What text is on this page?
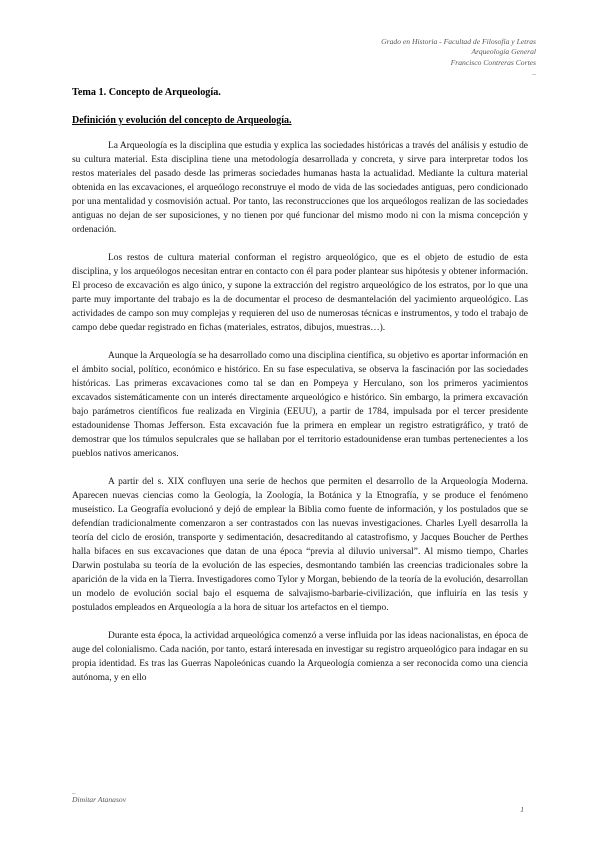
Grado en Historia - Facultad de Filosofía y Letras
Arqueología General
Francisco Contreras Cortes
_
Tema 1. Concepto de Arqueología.
Definición y evolución del concepto de Arqueología.

La Arqueología es la disciplina que estudia y explica las sociedades históricas a través del análisis y estudio de su cultura material. Esta disciplina tiene una metodología desarrollada y concreta, y sirve para interpretar todos los restos materiales del pasado desde las primeras sociedades humanas hasta la actualidad. Mediante la cultura material obtenida en las excavaciones, el arqueólogo reconstruye el modo de vida de las sociedades antiguas, pero condicionado por una mentalidad y cosmovisión actual. Por tanto, las reconstrucciones que los arqueólogos realizan de las sociedades antiguas no dejan de ser suposiciones, y no tienen por qué funcionar del mismo modo ni con la misma concepción y ordenación.

Los restos de cultura material conforman el registro arqueológico, que es el objeto de estudio de esta disciplina, y los arqueólogos necesitan entrar en contacto con él para poder plantear sus hipótesis y obtener información. El proceso de excavación es algo único, y supone la extracción del registro arqueológico de los estratos, por lo que una parte muy importante del trabajo es la de documentar el proceso de desmantelación del yacimiento arqueológico. Las actividades de campo son muy complejas y requieren del uso de numerosas técnicas e instrumentos, y todo el trabajo de campo debe quedar registrado en fichas (materiales, estratos, dibujos, muestras…).

Aunque la Arqueología se ha desarrollado como una disciplina científica, su objetivo es aportar información en el ámbito social, político, económico e histórico. En su fase especulativa, se observa la fascinación por las sociedades históricas. Las primeras excavaciones como tal se dan en Pompeya y Herculano, son los primeros yacimientos excavados sistemáticamente con un interés directamente arqueológico e histórico. Sin embargo, la primera excavación bajo parámetros científicos fue realizada en Virginia (EEUU), a partir de 1784, impulsada por el tercer presidente estadounidense Thomas Jefferson. Esta excavación fue la primera en emplear un registro estratigráfico, y trató de demostrar que los túmulos sepulcrales que se hallaban por el territorio estadounidense eran tumbas pertenecientes a los pueblos nativos americanos.

A partir del s. XIX confluyen una serie de hechos que permiten el desarrollo de la Arqueología Moderna. Aparecen nuevas ciencias como la Geología, la Zoología, la Botánica y la Etnografía, y se produce el fenómeno museístico. La Geografía evolucionó y dejó de emplear la Biblia como fuente de información, y los postulados que se defendían tradicionalmente comenzaron a ser contrastados con las nuevas investigaciones. Charles Lyell desarrolla la teoría del ciclo de erosión, transporte y sedimentación, desacreditando al catastrofismo, y Jacques Boucher de Perthes halla bifaces en sus excavaciones que datan de una época “previa al diluvio universal”. Al mismo tiempo, Charles Darwin postulaba su teoría de la evolución de las especies, desmontando también las creencias tradicionales sobre la aparición de la vida en la Tierra. Investigadores como Tylor y Morgan, bebiendo de la teoría de la evolución, desarrollan un modelo de evolución social bajo el esquema de salvajismo-barbarie-civilización, que influiría en las tesis y postulados empleados en Arqueología a la hora de situar los artefactos en el tiempo.

Durante esta época, la actividad arqueológica comenzó a verse influida por las ideas nacionalistas, en época de auge del colonialismo. Cada nación, por tanto, estará interesada en investigar su registro arqueológico para indagar en su propia identidad. Es tras las Guerras Napoleónicas cuando la Arqueología comienza a ser reconocida como una ciencia autónoma, y en ello

_
Dimitar Atanasov
1
